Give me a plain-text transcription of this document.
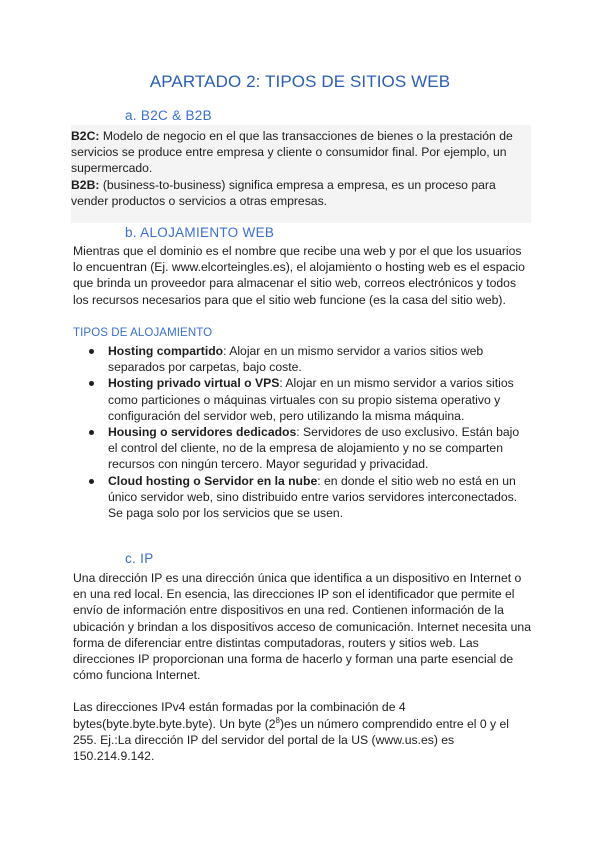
APARTADO 2: TIPOS DE SITIOS WEB
a. B2C & B2B

B2C: Modelo de negocio en el que las transacciones de bienes o la prestación de servicios se produce entre empresa y cliente o consumidor final. Por ejemplo, un supermercado.

B2B: (business-to-business) significa empresa a empresa, es un proceso para vender productos o servicios a otras empresas.

b. ALOJAMIENTO WEB
Mientras que el dominio es el nombre que recibe una web y por el que los usuarios lo encuentran (Ej. www.elcorteingles.es), el alojamiento o hosting web es el espacio que brinda un proveedor para almacenar el sitio web, correos electrónicos y todos los recursos necesarios para que el sitio web funcione (es la casa del sitio web).
TIPOS DE ALOJAMIENTO
Hosting compartido: Alojar en un mismo servidor a varios sitios web separados por carpetas, bajo coste.
Hosting privado virtual o VPS: Alojar en un mismo servidor a varios sitios como particiones o máquinas virtuales con su propio sistema operativo y configuración del servidor web, pero utilizando la misma máquina.
Housing o servidores dedicados: Servidores de uso exclusivo. Están bajo el control del cliente, no de la empresa de alojamiento y no se comparten recursos con ningún tercero. Mayor seguridad y privacidad.
Cloud hosting o Servidor en la nube: en donde el sitio web no está en un único servidor web, sino distribuido entre varios servidores interconectados. Se paga solo por los servicios que se usen.
c. IP

Una dirección IP es una dirección única que identifica a un dispositivo en Internet o en una red local. En esencia, las direcciones IP son el identificador que permite el envío de información entre dispositivos en una red. Contienen información de la ubicación y brindan a los dispositivos acceso de comunicación. Internet necesita una forma de diferenciar entre distintas computadoras, routers y sitios web. Las direcciones IP proporcionan una forma de hacerlo y forman una parte esencial de cómo funciona Internet.

Las direcciones IPv4 están formadas por la combinación de 4 bytes(byte.byte.byte.byte). Un byte $(2^8)es$ un número comprendido entre el 0 y el 255. Ej.:La dirección IP del servidor del portal de la US (www.us.es) es 150.214.9.142.
